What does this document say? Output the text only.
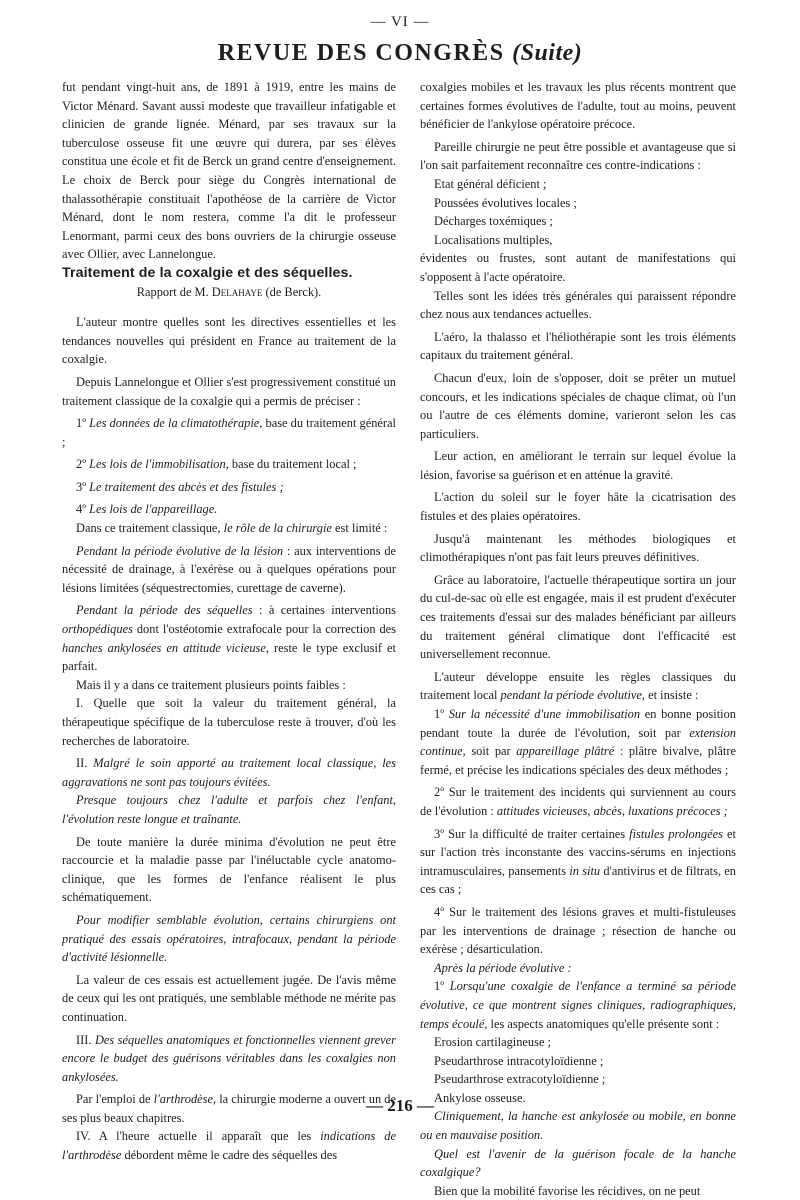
— VI —
REVUE DES CONGRÈS (Suite)

fut pendant vingt-huit ans, de 1891 à 1919, entre les mains de Victor Ménard. Savant aussi modeste que travailleur infatigable et clinicien de grande lignée. Ménard, par ses travaux sur la tuberculose osseuse fit une œuvre qui durera, par ses élèves constitua une école et fit de Berck un grand centre d'enseignement. Le choix de Berck pour siège du Congrès international de thalassothérapie constituait l'apothéose de la carrière de Victor Ménard, dont le nom restera, comme l'a dit le professeur Lenormant, parmi ceux des bons ouvriers de la chirurgie osseuse avec Ollier, avec Lannelongue.

Traitement de la coxalgie et des séquelles.

Rapport de M. Delahaye (de Berck).

L'auteur montre quelles sont les directives essentielles et les tendances nouvelles qui président en France au traitement de la coxalgie.

Depuis Lannelongue et Ollier s'est progressivement constitué un traitement classique de la coxalgie qui a permis de préciser :

1º Les données de la climatothérapie, base du traitement général ;

2º Les lois de l'immobilisation, base du traitement local ;

3º Le traitement des abcès et des fistules ;

4º Les lois de l'appareillage.

Dans ce traitement classique, le rôle de la chirurgie est limité :

Pendant la période évolutive de la lésion : aux interventions de nécessité de drainage, à l'exérèse ou à quelques opérations pour lésions limitées (séquestrectomies, curettage de caverne).

Pendant la période des séquelles : à certaines interventions orthopédiques dont l'ostéotomie extrafocale pour la correction des hanches ankylosées en attitude vicieuse, reste le type exclusif et parfait.

Mais il y a dans ce traitement plusieurs points faibles :

I. Quelle que soit la valeur du traitement général, la thérapeutique spécifique de la tuberculose reste à trouver, d'où les recherches de laboratoire.

II. Malgré le soin apporté au traitement local classique, les aggravations ne sont pas toujours évitées.

Presque toujours chez l'adulte et parfois chez l'enfant, l'évolution reste longue et traînante.

De toute manière la durée minima d'évolution ne peut être raccourcie et la maladie passe par l'inéluctable cycle anatomo-clinique, que les formes de l'enfance réalisent le plus schématiquement.

Pour modifier semblable évolution, certains chirurgiens ont pratiqué des essais opératoires, intrafocaux, pendant la période d'activité lésionnelle.

La valeur de ces essais est actuellement jugée. De l'avis même de ceux qui les ont pratiqués, une semblable méthode ne mérite pas continuation.

III. Des séquelles anatomiques et fonctionnelles viennent grever encore le budget des guérisons véritables dans les coxalgies non ankylosées.

Par l'emploi de l'arthrodèse, la chirurgie moderne a ouvert un de ses plus beaux chapitres.

IV. A l'heure actuelle il apparaît que les indications de l'arthrodèse débordent même le cadre des séquelles des

coxalgies mobiles et les travaux les plus récents montrent que certaines formes évolutives de l'adulte, tout au moins, peuvent bénéficier de l'ankylose opératoire précoce.

Pareille chirurgie ne peut être possible et avantageuse que si l'on sait parfaitement reconnaître ces contre-indications :

Etat général déficient ;

Poussées évolutives locales ;

Décharges toxémiques ;

Localisations multiples,

évidentes ou frustes, sont autant de manifestations qui s'opposent à l'acte opératoire.

Telles sont les idées très générales qui paraissent répondre chez nous aux tendances actuelles.

L'aéro, la thalasso et l'héliothérapie sont les trois éléments capitaux du traitement général.

Chacun d'eux, loin de s'opposer, doit se prêter un mutuel concours, et les indications spéciales de chaque climat, où l'un ou l'autre de ces éléments domine, varieront selon les cas particuliers.

Leur action, en améliorant le terrain sur lequel évolue la lésion, favorise sa guérison et en atténue la gravité.

L'action du soleil sur le foyer hâte la cicatrisation des fistules et des plaies opératoires.

Jusqu'à maintenant les méthodes biologiques et climothérapiques n'ont pas fait leurs preuves définitives.

Grâce au laboratoire, l'actuelle thérapeutique sortira un jour du cul-de-sac où elle est engagée, mais il est prudent d'exécuter ces traitements d'essai sur des malades bénéficiant par ailleurs du traitement général climatique dont l'efficacité est universellement reconnue.

L'auteur développe ensuite les règles classiques du traitement local pendant la période évolutive, et insiste :

1º Sur la nécessité d'une immobilisation en bonne position pendant toute la durée de l'évolution, soit par extension continue, soit par appareillage plâtré : plâtre bivalve, plâtre fermé, et précise les indications spéciales des deux méthodes ;

2º Sur le traitement des incidents qui surviennent au cours de l'évolution : attitudes vicieuses, abcès, luxations précoces ;

3º Sur la difficulté de traiter certaines fistules prolongées et sur l'action très inconstante des vaccins-sérums en injections intramusculaires, pansements in situ d'antivirus et de filtrats, en ces cas ;

4º Sur le traitement des lésions graves et multi-fistuleuses par les interventions de drainage ; résection de hanche ou exérèse ; désarticulation.

Après la période évolutive :

1º Lorsqu'une coxalgie de l'enfance a terminé sa période évolutive, ce que montrent signes cliniques, radiographiques, temps écoulé, les aspects anatomiques qu'elle présente sont :

Erosion cartilagineuse ;

Pseudarthrose intracotyloïdienne ;

Pseudarthrose extracotyloïdienne ;

Ankylose osseuse.

Cliniquement, la hanche est ankylosée ou mobile, en bonne ou en mauvaise position.

Quel est l'avenir de la guérison focale de la hanche coxalgique?

Bien que la mobilité favorise les récidives, on ne peut

— 216 —
